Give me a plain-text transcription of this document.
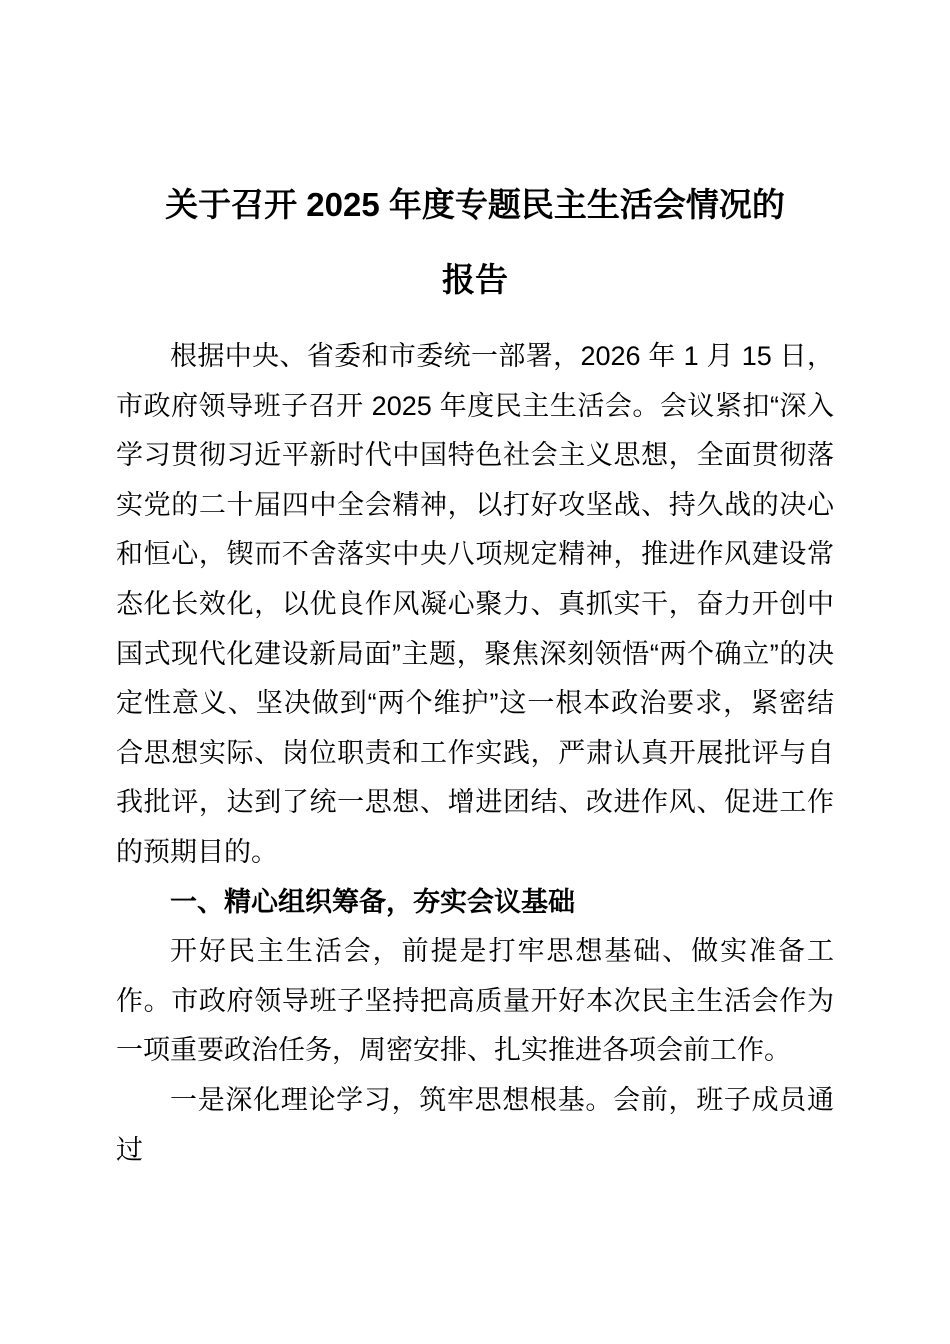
关于召开 2025 年度专题民主生活会情况的
报告

根据中央、省委和市委统一部署，2026 年 1 月 15 日，市政府领导班子召开 2025 年度民主生活会。会议紧扣“深入学习贯彻习近平新时代中国特色社会主义思想，全面贯彻落实党的二十届四中全会精神，以打好攻坚战、持久战的决心和恒心，锲而不舍落实中央八项规定精神，推进作风建设常态化长效化，以优良作风凝心聚力、真抓实干，奋力开创中国式现代化建设新局面”主题，聚焦深刻领悟“两个确立”的决定性意义、坚决做到“两个维护”这一根本政治要求，紧密结合思想实际、岗位职责和工作实践，严肃认真开展批评与自我批评，达到了统一思想、增进团结、改进作风、促进工作的预期目的。

一、精心组织筹备，夯实会议基础

开好民主生活会，前提是打牢思想基础、做实准备工作。市政府领导班子坚持把高质量开好本次民主生活会作为一项重要政治任务，周密安排、扎实推进各项会前工作。

一是深化理论学习，筑牢思想根基。会前，班子成员通过
